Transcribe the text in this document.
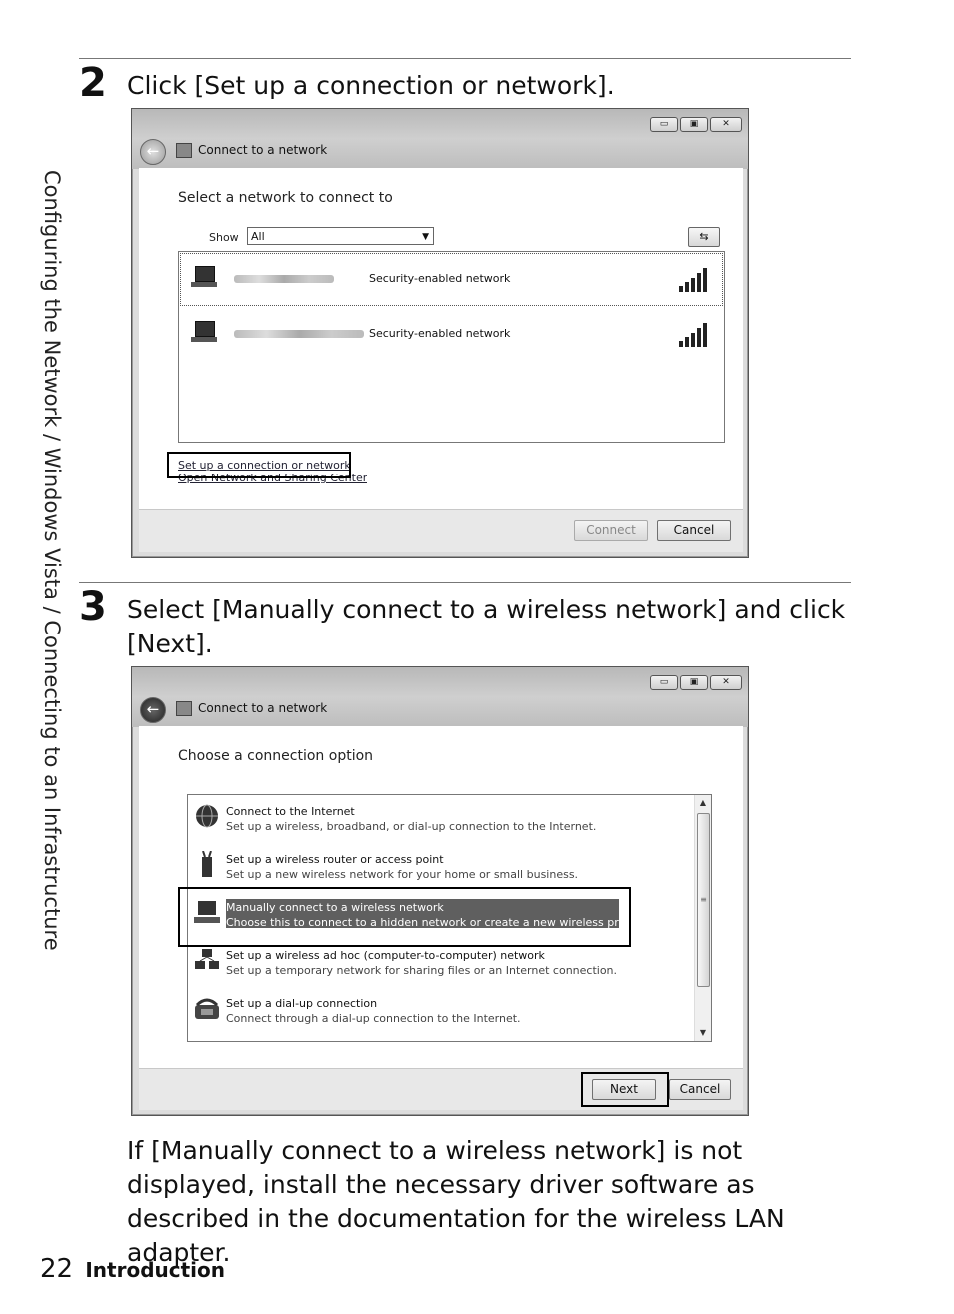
Configuring the Network / Windows Vista / Connecting to an Infrastructure
2 Click [Set up a connection or network].
▭	▣	✕
←	Connect to a network
Select a network to connect to
Show	All	▼	⇆
Security-enabled network
Security-enabled network
Set up a connection or network
Open Network and Sharing Center
Connect	Cancel
3 Select [Manually connect to a wireless network] and click
[Next].
▭	▣	✕
←	Connect to a network
Choose a connection option
Connect to the Internet
Set up a wireless, broadband, or dial-up connection to the Internet.
Set up a wireless router or access point
Set up a new wireless network for your home or small business.
Manually connect to a wireless network
Choose this to connect to a hidden network or create a new wireless profile.
Set up a wireless ad hoc (computer-to-computer) network
Set up a temporary network for sharing files or an Internet connection.
Set up a dial-up connection
Connect through a dial-up connection to the Internet.
▲
≡
▼
Next	Cancel
If [Manually connect to a wireless network] is not displayed, install the necessary driver software as described in the documentation for the wireless LAN adapter.
22 Introduction
